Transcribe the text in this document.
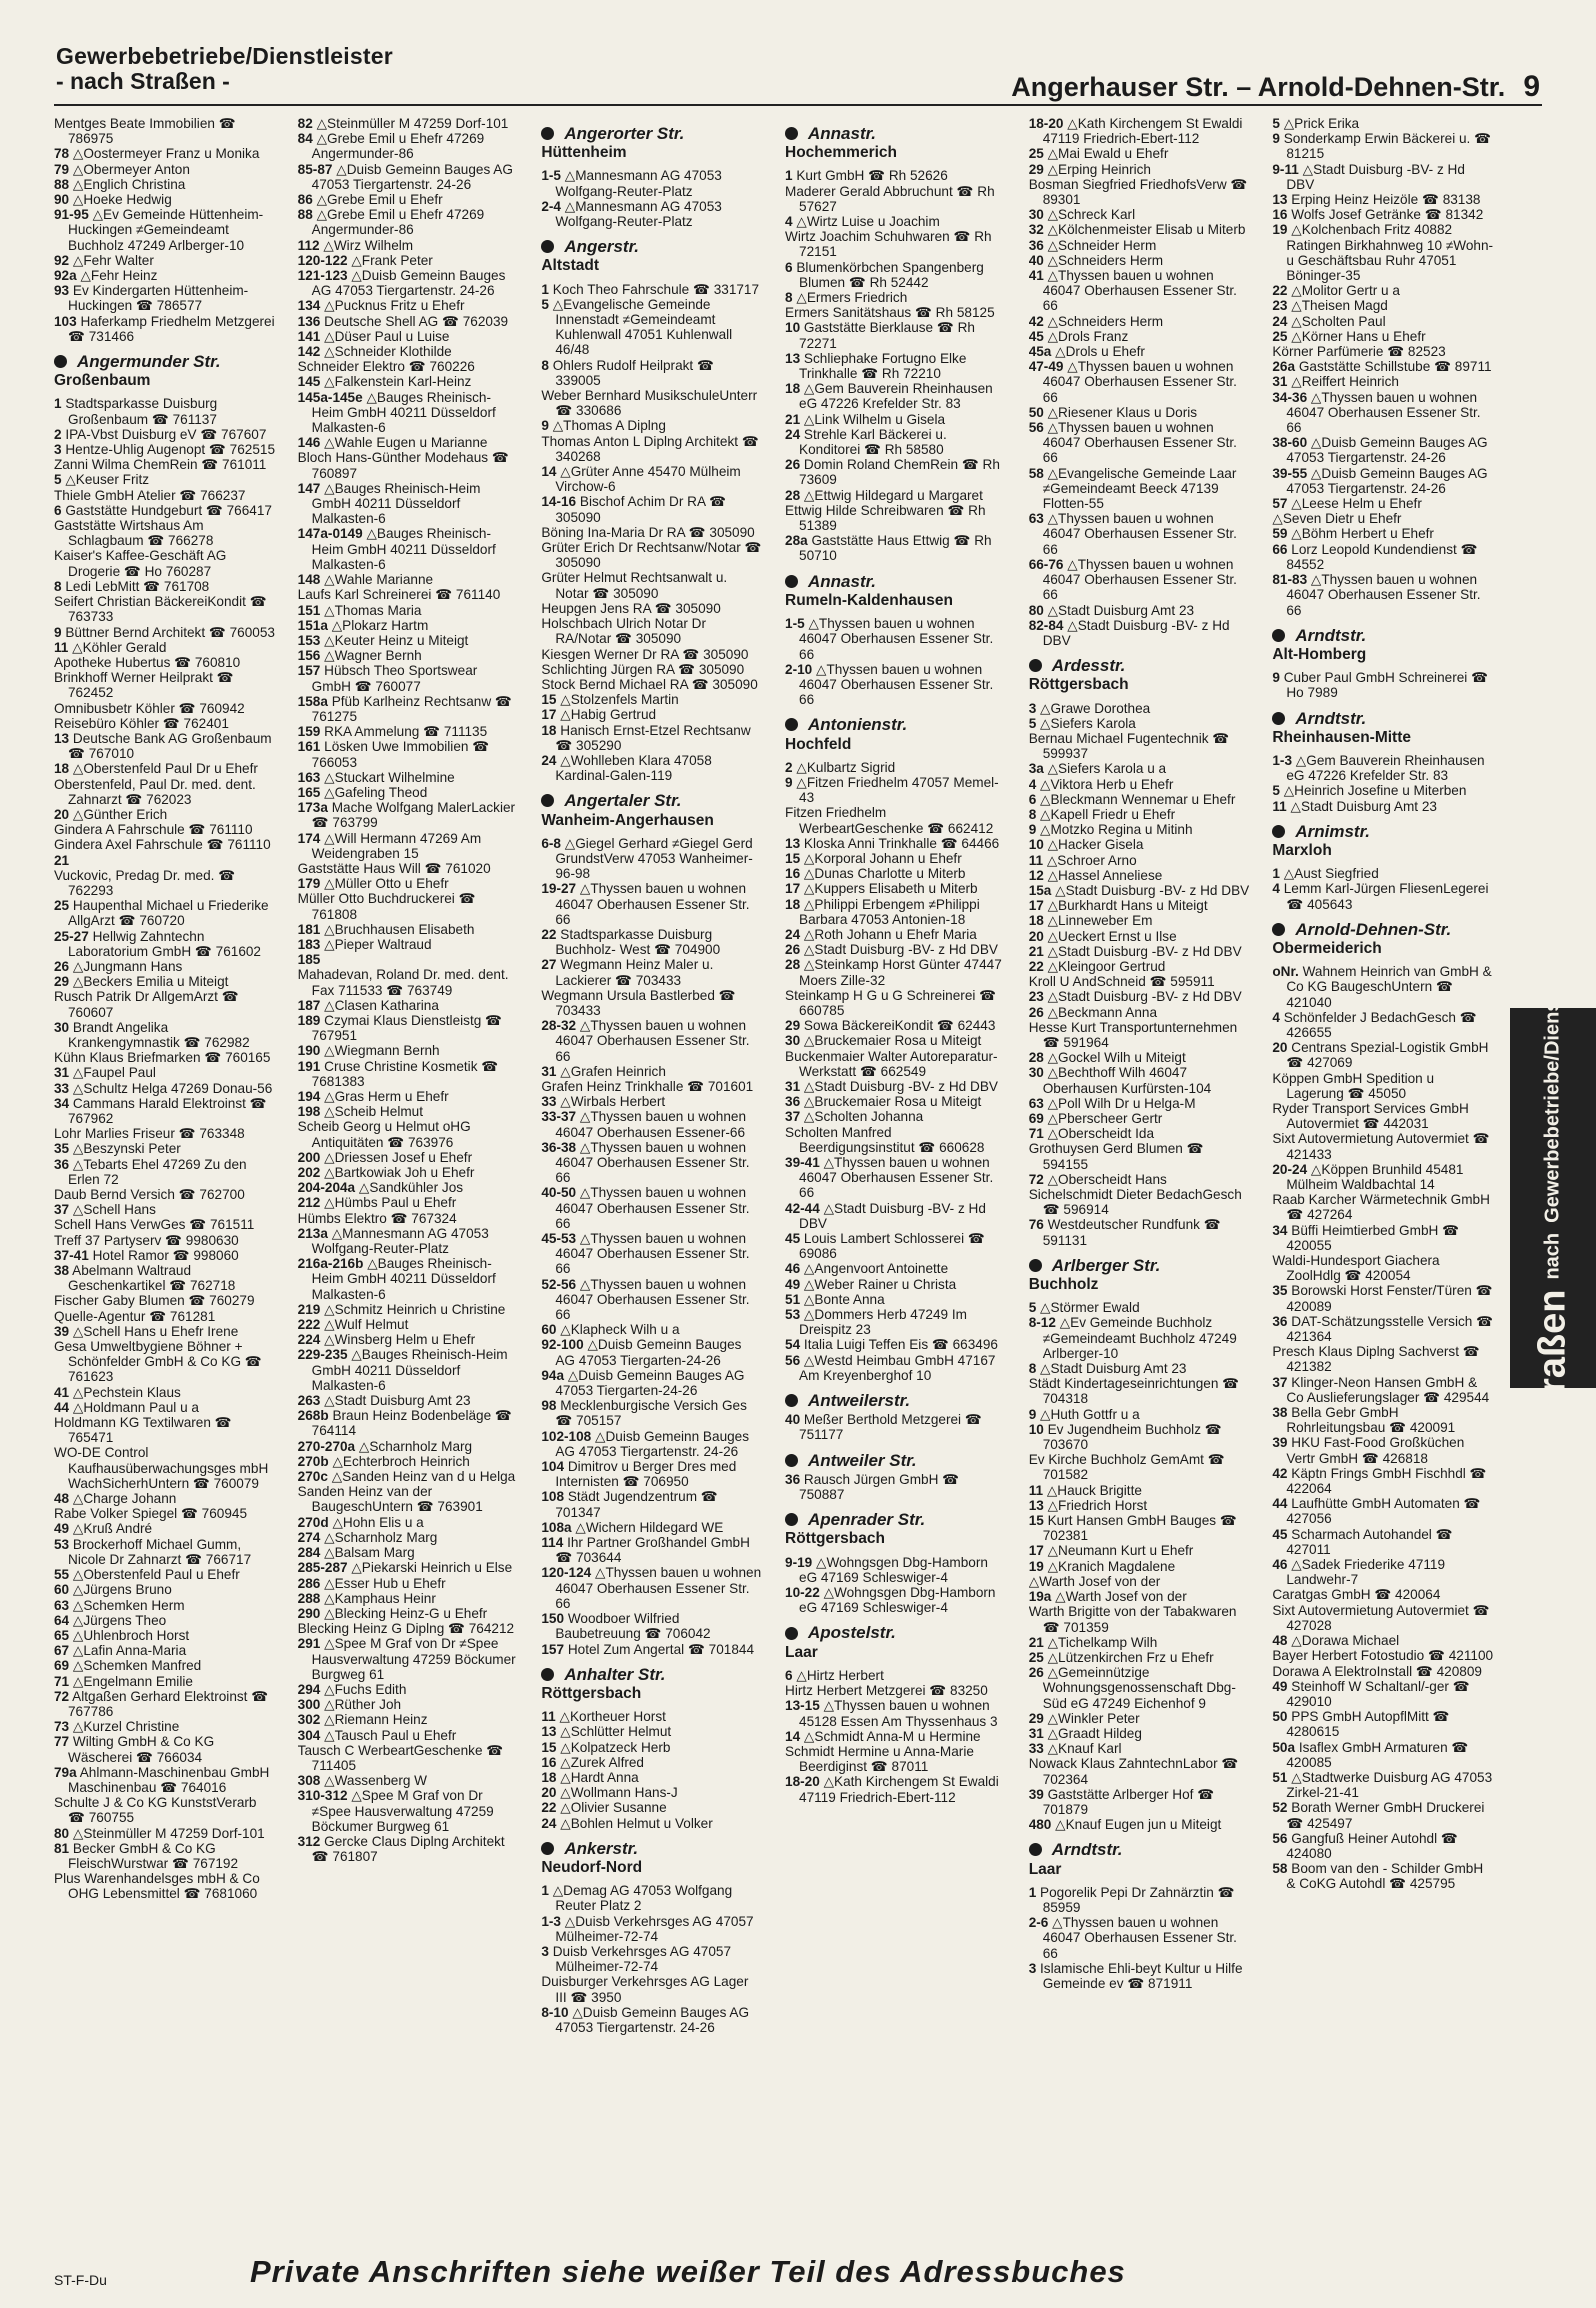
Gewerbebetriebe/Dienstleister
- nach Straßen -	Angerhauser Str. – Arnold-Dehnen-Str. 9

Mentges Beate Immobilien ☎ 786975

78 △Oostermeyer Franz u Monika

79 △Obermeyer Anton

88 △Englich Christina

90 △Hoeke Hedwig

91-95 △Ev Gemeinde Hüttenheim-Huckingen ≠Gemeindeamt Buchholz 47249 Arlberger-10

92 △Fehr Walter

92a △Fehr Heinz

93 Ev Kindergarten Hüttenheim-Huckingen ☎ 786577

103 Haferkamp Friedhelm Metzgerei ☎ 731466

Angermunder Str.
Großenbaum

1 Stadtsparkasse Duisburg Großenbaum ☎ 761137

2 IPA-Vbst Duisburg eV ☎ 767607

3 Hentze-Uhlig Augenopt ☎ 762515

Zanni Wilma ChemRein ☎ 761011

5 △Keuser Fritz

Thiele GmbH Atelier ☎ 766237

6 Gaststätte Hundgeburt ☎ 766417

Gaststätte Wirtshaus Am Schlagbaum ☎ 766278

Kaiser's Kaffee-Geschäft AG Drogerie ☎ Ho 760287

8 Ledi LebMitt ☎ 761708

Seifert Christian BäckereiKondit ☎ 763733

9 Büttner Bernd Architekt ☎ 760053

11 △Köhler Gerald

Apotheke Hubertus ☎ 760810

Brinkhoff Werner Heilprakt ☎ 762452

Omnibusbetr Köhler ☎ 760942

Reisebüro Köhler ☎ 762401

13 Deutsche Bank AG Großenbaum ☎ 767010

18 △Oberstenfeld Paul Dr u Ehefr

Oberstenfeld, Paul Dr. med. dent. Zahnarzt ☎ 762023

20 △Günther Erich

Gindera A Fahrschule ☎ 761110

Gindera Axel Fahrschule ☎ 761110

21

Vuckovic, Predag Dr. med. ☎ 762293

25 Haupenthal Michael u Friederike AllgArzt ☎ 760720

25-27 Hellwig Zahntechn Laboratorium GmbH ☎ 761602

26 △Jungmann Hans

29 △Beckers Emilia u Miteigt

Rusch Patrik Dr AllgemArzt ☎ 760607

30 Brandt Angelika Krankengymnastik ☎ 762982

Kühn Klaus Briefmarken ☎ 760165

31 △Faupel Paul

33 △Schultz Helga 47269 Donau-56

34 Cammans Harald Elektroinst ☎ 767962

Lohr Marlies Friseur ☎ 763348

35 △Beszynski Peter

36 △Tebarts Ehel 47269 Zu den Erlen 72

Daub Bernd Versich ☎ 762700

37 △Schell Hans

Schell Hans VerwGes ☎ 761511

Treff 37 Partyserv ☎ 9980630

37-41 Hotel Ramor ☎ 998060

38 Abelmann Waltraud Geschenkartikel ☎ 762718

Fischer Gaby Blumen ☎ 760279

Quelle-Agentur ☎ 761281

39 △Schell Hans u Ehefr Irene

Gesa Umweltbygiene Böhner + Schönfelder GmbH & Co KG ☎ 761623

41 △Pechstein Klaus

44 △Holdmann Paul u a

Holdmann KG Textilwaren ☎ 765471

WO-DE Control Kaufhausüberwachungsges mbH WachSicherhUntern ☎ 760079

48 △Charge Johann

Rabe Volker Spiegel ☎ 760945

49 △Kruß André

53 Brockerhoff Michael Gumm, Nicole Dr Zahnarzt ☎ 766717

55 △Oberstenfeld Paul u Ehefr

60 △Jürgens Bruno

63 △Schemken Herm

64 △Jürgens Theo

65 △Uhlenbroch Horst

67 △Lafin Anna-Maria

69 △Schemken Manfred

71 △Engelmann Emilie

72 Altgaßen Gerhard Elektroinst ☎ 767786

73 △Kurzel Christine

77 Wilting GmbH & Co KG Wäscherei ☎ 766034

79a Ahlmann-Maschinenbau GmbH Maschinenbau ☎ 764016

Schulte J & Co KG KunststVerarb ☎ 760755

80 △Steinmüller M 47259 Dorf-101

81 Becker GmbH & Co KG FleischWurstwar ☎ 767192

Plus Warenhandelsges mbH & Co OHG Lebensmittel ☎ 7681060

82 △Steinmüller M 47259 Dorf-101

84 △Grebe Emil u Ehefr 47269 Angermunder-86

85-87 △Duisb Gemeinn Bauges AG 47053 Tiergartenstr. 24-26

86 △Grebe Emil u Ehefr

88 △Grebe Emil u Ehefr 47269 Angermunder-86

112 △Wirz Wilhelm

120-122 △Frank Peter

121-123 △Duisb Gemeinn Bauges AG 47053 Tiergartenstr. 24-26

134 △Pucknus Fritz u Ehefr

136 Deutsche Shell AG ☎ 762039

141 △Düser Paul u Luise

142 △Schneider Klothilde

Schneider Elektro ☎ 760226

145 △Falkenstein Karl-Heinz

145a-145e △Bauges Rheinisch-Heim GmbH 40211 Düsseldorf Malkasten-6

146 △Wahle Eugen u Marianne

Bloch Hans-Günther Modehaus ☎ 760897

147 △Bauges Rheinisch-Heim GmbH 40211 Düsseldorf Malkasten-6

147a-0149 △Bauges Rheinisch-Heim GmbH 40211 Düsseldorf Malkasten-6

148 △Wahle Marianne

Laufs Karl Schreinerei ☎ 761140

151 △Thomas Maria

151a △Plokarz Hartm

153 △Keuter Heinz u Miteigt

156 △Wagner Bernh

157 Hübsch Theo Sportswear GmbH ☎ 760077

158a Pfüb Karlheinz Rechtsanw ☎ 761275

159 RKA Ammelung ☎ 711135

161 Lösken Uwe Immobilien ☎ 766053

163 △Stuckart Wilhelmine

165 △Gafeling Theod

173a Mache Wolfgang MalerLackier ☎ 763799

174 △Will Hermann 47269 Am Weidengraben 15

Gaststätte Haus Will ☎ 761020

179 △Müller Otto u Ehefr

Müller Otto Buchdruckerei ☎ 761808

181 △Bruchhausen Elisabeth

183 △Pieper Waltraud

185

Mahadevan, Roland Dr. med. dent. Fax 711533 ☎ 763749

187 △Clasen Katharina

189 Czymai Klaus Dienstleistg ☎ 767951

190 △Wiegmann Bernh

191 Cruse Christine Kosmetik ☎ 7681383

194 △Gras Herm u Ehefr

198 △Scheib Helmut

Scheib Georg u Helmut oHG Antiquitäten ☎ 763976

200 △Driessen Josef u Ehefr

202 △Bartkowiak Joh u Ehefr

204-204a △Sandkühler Jos

212 △Hümbs Paul u Ehefr

Hümbs Elektro ☎ 767324

213a △Mannesmann AG 47053 Wolfgang-Reuter-Platz

216a-216b △Bauges Rheinisch-Heim GmbH 40211 Düsseldorf Malkasten-6

219 △Schmitz Heinrich u Christine

222 △Wulf Helmut

224 △Winsberg Helm u Ehefr

229-235 △Bauges Rheinisch-Heim GmbH 40211 Düsseldorf Malkasten-6

263 △Stadt Duisburg Amt 23

268b Braun Heinz Bodenbeläge ☎ 764114

270-270a △Scharnholz Marg

270b △Echterbroch Heinrich

270c △Sanden Heinz van d u Helga

Sanden Heinz van der BaugeschUntern ☎ 763901

270d △Hohn Elis u a

274 △Scharnholz Marg

284 △Balsam Marg

285-287 △Piekarski Heinrich u Else

286 △Esser Hub u Ehefr

288 △Kamphaus Heinr

290 △Blecking Heinz-G u Ehefr

Blecking Heinz G Diplng ☎ 764212

291 △Spee M Graf von Dr ≠Spee Hausverwaltung 47259 Böckumer Burgweg 61

294 △Fuchs Edith

300 △Rüther Joh

302 △Riemann Heinz

304 △Tausch Paul u Ehefr

Tausch C WerbeartGeschenke ☎ 711405

308 △Wassenberg W

310-312 △Spee M Graf von Dr ≠Spee Hausverwaltung 47259 Böckumer Burgweg 61

312 Gercke Claus Diplng Architekt ☎ 761807

Angerorter Str.
Hüttenheim

1-5 △Mannesmann AG 47053 Wolfgang-Reuter-Platz

2-4 △Mannesmann AG 47053 Wolfgang-Reuter-Platz

Angerstr.
Altstadt

1 Koch Theo Fahrschule ☎ 331717

5 △Evangelische Gemeinde Innenstadt ≠Gemeindeamt Kuhlenwall 47051 Kuhlenwall 46/48

8 Ohlers Rudolf Heilprakt ☎ 339005

Weber Bernhard MusikschuleUnterr ☎ 330686

9 △Thomas A Diplng

Thomas Anton L Diplng Architekt ☎ 340268

14 △Grüter Anne 45470 Mülheim Virchow-6

14-16 Bischof Achim Dr RA ☎ 305090

Böning Ina-Maria Dr RA ☎ 305090

Grüter Erich Dr Rechtsanw/Notar ☎ 305090

Grüter Helmut Rechtsanwalt u. Notar ☎ 305090

Heupgen Jens RA ☎ 305090

Holschbach Ulrich Notar Dr RA/Notar ☎ 305090

Kiesgen Werner Dr RA ☎ 305090

Schlichting Jürgen RA ☎ 305090

Stock Bernd Michael RA ☎ 305090

15 △Stolzenfels Martin

17 △Habig Gertrud

18 Hanisch Ernst-Etzel Rechtsanw ☎ 305290

24 △Wohlleben Klara 47058 Kardinal-Galen-119

Angertaler Str.
Wanheim-Angerhausen

6-8 △Giegel Gerhard ≠Giegel Gerd GrundstVerw 47053 Wanheimer-96-98

19-27 △Thyssen bauen u wohnen 46047 Oberhausen Essener Str. 66

22 Stadtsparkasse Duisburg Buchholz- West ☎ 704900

27 Wegmann Heinz Maler u. Lackierer ☎ 703433

Wegmann Ursula Bastlerbed ☎ 703433

28-32 △Thyssen bauen u wohnen 46047 Oberhausen Essener Str. 66

31 △Grafen Heinrich

Grafen Heinz Trinkhalle ☎ 701601

33 △Wirbals Herbert

33-37 △Thyssen bauen u wohnen 46047 Oberhausen Essener-66

36-38 △Thyssen bauen u wohnen 46047 Oberhausen Essener Str. 66

40-50 △Thyssen bauen u wohnen 46047 Oberhausen Essener Str. 66

45-53 △Thyssen bauen u wohnen 46047 Oberhausen Essener Str. 66

52-56 △Thyssen bauen u wohnen 46047 Oberhausen Essener Str. 66

60 △Klapheck Wilh u a

92-100 △Duisb Gemeinn Bauges AG 47053 Tiergarten-24-26

94a △Duisb Gemeinn Bauges AG 47053 Tiergarten-24-26

98 Mecklenburgische Versich Ges ☎ 705157

102-108 △Duisb Gemeinn Bauges AG 47053 Tiergartenstr. 24-26

104 Dimitrov u Berger Dres med Internisten ☎ 706950

108 Städt Jugendzentrum ☎ 701347

108a △Wichern Hildegard WE

114 Ihr Partner Großhandel GmbH ☎ 703644

120-124 △Thyssen bauen u wohnen 46047 Oberhausen Essener Str. 66

150 Woodboer Wilfried Baubetreuung ☎ 706042

157 Hotel Zum Angertal ☎ 701844

Anhalter Str.
Röttgersbach

11 △Kortheuer Horst

13 △Schlütter Helmut

15 △Kolpatzeck Herb

16 △Zurek Alfred

18 △Hardt Anna

20 △Wollmann Hans-J

22 △Olivier Susanne

24 △Bohlen Helmut u Volker

Ankerstr.
Neudorf-Nord

1 △Demag AG 47053 Wolfgang Reuter Platz 2

1-3 △Duisb Verkehrsges AG 47057 Mülheimer-72-74

3 Duisb Verkehrsges AG 47057 Mülheimer-72-74

Duisburger Verkehrsges AG Lager III ☎ 3950

8-10 △Duisb Gemeinn Bauges AG 47053 Tiergartenstr. 24-26

Annastr.
Hochemmerich

1 Kurt GmbH ☎ Rh 52626

Maderer Gerald Abbruchunt ☎ Rh 57627

4 △Wirtz Luise u Joachim

Wirtz Joachim Schuhwaren ☎ Rh 72151

6 Blumenkörbchen Spangenberg Blumen ☎ Rh 52442

8 △Ermers Friedrich

Ermers Sanitätshaus ☎ Rh 58125

10 Gaststätte Bierklause ☎ Rh 72271

13 Schliephake Fortugno Elke Trinkhalle ☎ Rh 72210

18 △Gem Bauverein Rheinhausen eG 47226 Krefelder Str. 83

21 △Link Wilhelm u Gisela

24 Strehle Karl Bäckerei u. Konditorei ☎ Rh 58580

26 Domin Roland ChemRein ☎ Rh 73609

28 △Ettwig Hildegard u Margaret

Ettwig Hilde Schreibwaren ☎ Rh 51389

28a Gaststätte Haus Ettwig ☎ Rh 50710

Annastr.
Rumeln-Kaldenhausen

1-5 △Thyssen bauen u wohnen 46047 Oberhausen Essener Str. 66

2-10 △Thyssen bauen u wohnen 46047 Oberhausen Essener Str. 66

Antonienstr.
Hochfeld

2 △Kulbartz Sigrid

9 △Fitzen Friedhelm 47057 Memel-43

Fitzen Friedhelm WerbeartGeschenke ☎ 662412

13 Kloska Anni Trinkhalle ☎ 64466

15 △Korporal Johann u Ehefr

16 △Dunas Charlotte u Miterb

17 △Kuppers Elisabeth u Miterb

18 △Philippi Erbengem ≠Philippi Barbara 47053 Antonien-18

24 △Roth Johann u Ehefr Maria

26 △Stadt Duisburg -BV- z Hd DBV

28 △Steinkamp Horst Günter 47447 Moers Zille-32

Steinkamp H G u G Schreinerei ☎ 660785

29 Sowa BäckereiKondit ☎ 62443

30 △Bruckemaier Rosa u Miteigt

Buckenmaier Walter Autoreparatur- Werkstatt ☎ 662549

31 △Stadt Duisburg -BV- z Hd DBV

36 △Bruckemaier Rosa u Miteigt

37 △Scholten Johanna

Scholten Manfred Beerdigungsinstitut ☎ 660628

39-41 △Thyssen bauen u wohnen 46047 Oberhausen Essener Str. 66

42-44 △Stadt Duisburg -BV- z Hd DBV

45 Louis Lambert Schlosserei ☎ 69086

46 △Angenvoort Antoinette

49 △Weber Rainer u Christa

51 △Bonte Anna

53 △Dommers Herb 47249 Im Dreispitz 23

54 Italia Luigi Teffen Eis ☎ 663496

56 △Westd Heimbau GmbH 47167 Am Kreyenberghof 10

Antweilerstr.

40 Meßer Berthold Metzgerei ☎ 751177

Antweiler Str.

36 Rausch Jürgen GmbH ☎ 750887

Apenrader Str.
Röttgersbach

9-19 △Wohngsgen Dbg-Hamborn eG 47169 Schleswiger-4

10-22 △Wohngsgen Dbg-Hamborn eG 47169 Schleswiger-4

Apostelstr.
Laar

6 △Hirtz Herbert

Hirtz Herbert Metzgerei ☎ 83250

13-15 △Thyssen bauen u wohnen 45128 Essen Am Thyssenhaus 3

14 △Schmidt Anna-M u Hermine

Schmidt Hermine u Anna-Marie Beerdiginst ☎ 87011

18-20 △Kath Kirchengem St Ewaldi 47119 Friedrich-Ebert-112

18-20 △Kath Kirchengem St Ewaldi 47119 Friedrich-Ebert-112

25 △Mai Ewald u Ehefr

29 △Erping Heinrich

Bosman Siegfried FriedhofsVerw ☎ 89301

30 △Schreck Karl

32 △Kölchenmeister Elisab u Miterb

36 △Schneider Herm

40 △Schneiders Herm

41 △Thyssen bauen u wohnen 46047 Oberhausen Essener Str. 66

42 △Schneiders Herm

45 △Drols Franz

45a △Drols u Ehefr

47-49 △Thyssen bauen u wohnen 46047 Oberhausen Essener Str. 66

50 △Riesener Klaus u Doris

56 △Thyssen bauen u wohnen 46047 Oberhausen Essener Str. 66

58 △Evangelische Gemeinde Laar ≠Gemeindeamt Beeck 47139 Flotten-55

63 △Thyssen bauen u wohnen 46047 Oberhausen Essener Str. 66

66-76 △Thyssen bauen u wohnen 46047 Oberhausen Essener Str. 66

80 △Stadt Duisburg Amt 23

82-84 △Stadt Duisburg -BV- z Hd DBV

Ardesstr.
Röttgersbach

3 △Grawe Dorothea

5 △Siefers Karola

Bernau Michael Fugentechnik ☎ 599937

3a △Siefers Karola u a

4 △Viktora Herb u Ehefr

6 △Bleckmann Wennemar u Ehefr

8 △Kapell Friedr u Ehefr

9 △Motzko Regina u Mitinh

10 △Hacker Gisela

11 △Schroer Arno

12 △Hassel Anneliese

15a △Stadt Duisburg -BV- z Hd DBV

17 △Burkhardt Hans u Miteigt

18 △Linneweber Em

20 △Ueckert Ernst u Ilse

21 △Stadt Duisburg -BV- z Hd DBV

22 △Kleingoor Gertrud

Kroll U AndSchneid ☎ 595911

23 △Stadt Duisburg -BV- z Hd DBV

26 △Beckmann Anna

Hesse Kurt Transportunternehmen ☎ 591964

28 △Gockel Wilh u Miteigt

30 △Bechthoff Wilh 46047 Oberhausen Kurfürsten-104

63 △Poll Wilh Dr u Helga-M

69 △Pberscheer Gertr

71 △Oberscheidt Ida

Grothuysen Gerd Blumen ☎ 594155

72 △Oberscheidt Hans

Sichelschmidt Dieter BedachGesch ☎ 596914

76 Westdeutscher Rundfunk ☎ 591131

Arlberger Str.
Buchholz

5 △Störmer Ewald

8-12 △Ev Gemeinde Buchholz ≠Gemeindeamt Buchholz 47249 Arlberger-10

8 △Stadt Duisburg Amt 23

Städt Kindertageseinrichtungen ☎ 704318

9 △Huth Gottfr u a

10 Ev Jugendheim Buchholz ☎ 703670

Ev Kirche Buchholz GemAmt ☎ 701582

11 △Hauck Brigitte

13 △Friedrich Horst

15 Kurt Hansen GmbH Bauges ☎ 702381

17 △Neumann Kurt u Ehefr

19 △Kranich Magdalene

△Warth Josef von der

19a △Warth Josef von der

Warth Brigitte von der Tabakwaren ☎ 701359

21 △Tichelkamp Wilh

25 △Lützenkirchen Frz u Ehefr

26 △Gemeinnützige Wohnungsgenossenschaft Dbg-Süd eG 47249 Eichenhof 9

29 △Winkler Peter

31 △Graadt Hildeg

33 △Knauf Karl

Nowack Klaus ZahntechnLabor ☎ 702364

39 Gaststätte Arlberger Hof ☎ 701879

480 △Knauf Eugen jun u Miteigt

Arndtstr.
Laar

1 Pogorelik Pepi Dr Zahnärztin ☎ 85959

2-6 △Thyssen bauen u wohnen 46047 Oberhausen Essener Str. 66

3 Islamische Ehli-beyt Kultur u Hilfe Gemeinde ev ☎ 871911

5 △Prick Erika

9 Sonderkamp Erwin Bäckerei u. ☎ 81215

9-11 △Stadt Duisburg -BV- z Hd DBV

13 Erping Heinz Heizöle ☎ 83138

16 Wolfs Josef Getränke ☎ 81342

19 △Kolchenbach Fritz 40882 Ratingen Birkhahnweg 10 ≠Wohn- u Geschäftsbau Ruhr 47051 Böninger-35

22 △Molitor Gertr u a

23 △Theisen Magd

24 △Scholten Paul

25 △Körner Hans u Ehefr

Körner Parfümerie ☎ 82523

26a Gaststätte Schillstube ☎ 89711

31 △Reiffert Heinrich

34-36 △Thyssen bauen u wohnen 46047 Oberhausen Essener Str. 66

38-60 △Duisb Gemeinn Bauges AG 47053 Tiergartenstr. 24-26

39-55 △Duisb Gemeinn Bauges AG 47053 Tiergartenstr. 24-26

57 △Leese Helm u Ehefr

△Seven Dietr u Ehefr

59 △Böhm Herbert u Ehefr

66 Lorz Leopold Kundendienst ☎ 84552

81-83 △Thyssen bauen u wohnen 46047 Oberhausen Essener Str. 66

Arndtstr.
Alt-Homberg

9 Cuber Paul GmbH Schreinerei ☎ Ho 7989

Arndtstr.
Rheinhausen-Mitte

1-3 △Gem Bauverein Rheinhausen eG 47226 Krefelder Str. 83

5 △Heinrich Josefine u Miterben

11 △Stadt Duisburg Amt 23

Arnimstr.
Marxloh

1 △Aust Siegfried

4 Lemm Karl-Jürgen FliesenLegerei ☎ 405643

Arnold-Dehnen-Str.
Obermeiderich

oNr. Wahnem Heinrich van GmbH & Co KG BaugeschUntern ☎ 421040

4 Schönfelder J BedachGesch ☎ 426655

20 Centrans Spezial-Logistik GmbH ☎ 427069

Köppen GmbH Spedition u Lagerung ☎ 45050

Ryder Transport Services GmbH Autovermiet ☎ 442031

Sixt Autovermietung Autovermiet ☎ 421433

20-24 △Köppen Brunhild 45481 Mülheim Waldbachtal 14

Raab Karcher Wärmetechnik GmbH ☎ 427264

34 Büffi Heimtierbed GmbH ☎ 420055

Waldi-Hundesport Giachera ZoolHdlg ☎ 420054

35 Borowski Horst Fenster/Türen ☎ 420089

36 DAT-Schätzungsstelle Versich ☎ 421364

Presch Klaus Diplng Sachverst ☎ 421382

37 Klinger-Neon Hansen GmbH & Co Auslieferungslager ☎ 429544

38 Bella Gebr GmbH Rohrleitungsbau ☎ 420091

39 HKU Fast-Food Großküchen Vertr GmbH ☎ 426818

42 Käptn Frings GmbH Fischhdl ☎ 422064

44 Laufhütte GmbH Automaten ☎ 427056

45 Scharmach Autohandel ☎ 427011

46 △Sadek Friederike 47119 Landwehr-7

Caratgas GmbH ☎ 420064

Sixt Autovermietung Autovermiet ☎ 427028

48 △Dorawa Michael

Bayer Herbert Fotostudio ☎ 421100

Dorawa A ElektroInstall ☎ 420809

49 Steinhoff W Schaltanl/-ger ☎ 429010

50 PPS GmbH AutopflMitt ☎ 4280615

50a Isaflex GmbH Armaturen ☎ 420085

51 △Stadtwerke Duisburg AG 47053 Zirkel-21-41

52 Borath Werner GmbH Druckerei ☎ 425497

56 Gangfuß Heiner Autohdl ☎ 424080

58 Boom van den - Schilder GmbH & CoKG Autohdl ☎ 425795

Straßen
nach
Gewerbebetriebe/Dienstleister
ST-F-Du	Private Anschriften siehe weißer Teil des Adressbuches
